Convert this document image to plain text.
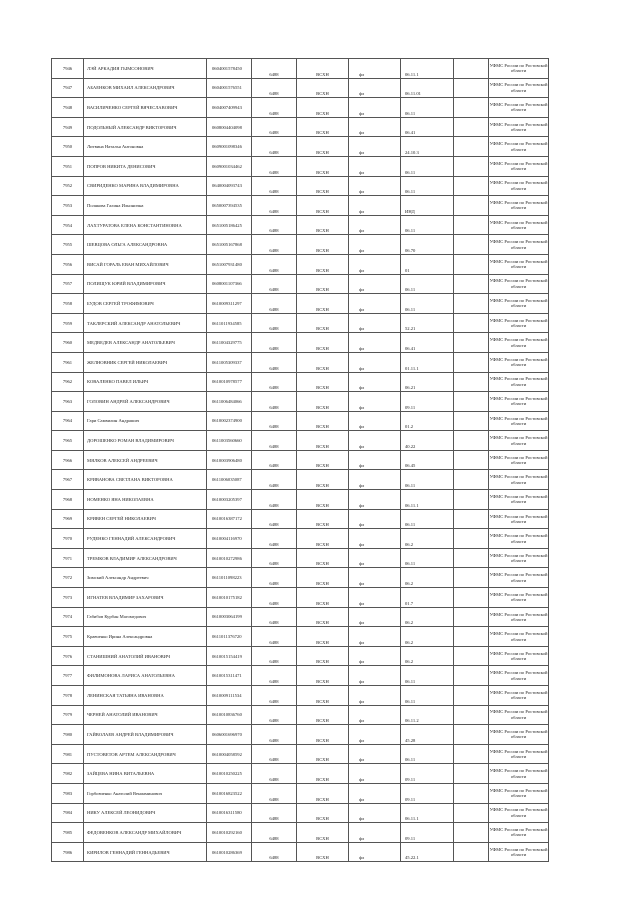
7946	ЛЭЙ АРКАДИЯ ГЫМСОНОВИЧ	0604001578450	6488	ВСХН	фл	06.11.1		УФМС России по Ростовской области
7947	АБАЕНКОВ МИХАИЛ АЛЕКСАНДРОВИЧ	0604001576551	6488	ВСХН	фл	06.11.01		УФМС России по Ростовской области
7948	ВАСИЛИЧЕНКО СЕРГЕЙ ВЯЧЕСЛАВОВИЧ	0604007409943	6488	ВСХН	фл	06.11		УФМС России по Ростовской области
7949	ПОДОЛЬНЫЙ АЛЕКСАНДР ВИКТОРОВИЧ	0608004404098	6488	ВСХН	фл	06.41		УФМС России по Ростовской области
7950	Литвина Наталья Антоновна	0609001098346	6488	ВСХН	фл	24.10.3		УФМС России по Ростовской области
7951	ПОПРОВ НИКИТА ДЕНИСОВИЧ	0609001034462	6488	ВСХН	фл	06.11		УФМС России по Ростовской области
7952	СВИРИДЕНКО МАРИНА ВЛАДИМИРОВНА	0640004093743	6488	ВСХН	фл	06.11		УФМС России по Ростовской области
7953	Полякова Галина Ильинична	0650007394535	6488	ВСХН	фл	ИНД		УФМС России по Ростовской области
7954	ЛАХТУРАТОВА ЕЛЕНА КОНСТАНТИНОВНА	0651005186425	6488	ВСХН	фл	06.11		УФМС России по Ростовской области
7955	ШЕВЦОВА ОЛЬГА АЛЕКСАНДРОВНА	0651005167868	6488	ВСХН	фл	06.70		УФМС России по Ростовской области
7956	ВИСАЙ ГОРАЛЬ ЕВАН МИХАЙЛОВИЧ	0651007931480	6488	ВСХН	фл	01		УФМС России по Ростовской области
7957	ПОЛИЩУК ЮРИЙ ВЛАДИМИРОВИЧ	0608001107366	6488	ВСХН	фл	06.11		УФМС России по Ростовской области
7958	БУДОВ СЕРГЕЙ ТРОФИМОВИЧ	0610009311297	6488	ВСХН	фл	06.11		УФМС России по Ростовской области
7959	ТАКЛЕРСКИЙ АЛЕКСАНДР АНАТОЛЬЕВИЧ	0611011934585	6488	ВСХН	фл	52.21		УФМС России по Ростовской области
7960	МЕДВЕДЕВ АЛЕКСАНДР АНАТОЛЬЕВИЧ	0611004329775	6488	ВСХН	фл	06.41		УФМС России по Ростовской области
7961	ЖЕЛНОВНИК СЕРГЕЙ НИКОЛАЕВИЧ	0611005309337	6488	ВСХН	фл	01.11.1		УФМС России по Ростовской области
7962	КОВАЛЕНКО ПАВЕЛ ИЛЬИЧ	0610010978577	6488	ВСХН	фл	06.21		УФМС России по Ростовской области
7963	ГОЛОВИН АНДРЕЙ АЛЕКСАНДРОВИЧ	0611006484066	6488	ВСХН	фл	09.11		УФМС России по Ростовской области
7964	Гари Самвилин Андрашич	0610002374900	6488	ВСХН	фл	01.2		УФМС России по Ростовской области
7965	ДОРОШЕНКО РОМАН ВЛАДИМИРОВИЧ	0611003560660	6488	ВСХН	фл	40.22		УФМС России по Ростовской области
7966	МЯЛКОВ АЛЕКСЕЙ АНДРЕЕВИЧ	0610003906480	6488	ВСХН	фл	06.45		УФМС России по Ростовской области
7967	КРИВАНОВА СВЕТЛАНА ВИКТОРОВНА	0611006035087	6488	ВСХН	фл	06.11		УФМС России по Ростовской области
7968	НОМЕНКО ЯНА НИКОЛАЕВНА	0610003205397	6488	ВСХН	фл	06.11.1		УФМС России по Ростовской области
7969	КРИВЕН СЕРГЕЙ НИКОЛАЕВИЧ	0610016387172	6488	ВСХН	фл	06.11		УФМС России по Ростовской области
7970	РУДЕНКО ГЕННАДИЙ АЛЕКСАНДРОВИЧ	0610004116970	6488	ВСХН	фл	06.2		УФМС России по Ростовской области
7971	ТРЕМКОВ ВЛАДИМИР АЛЕКСАНДРОВИЧ	0610010272986	6488	ВСХН	фл	06.11		УФМС России по Ростовской области
7972	Зимский Александр Андреевич	0611011098223	6488	ВСХН	фл	06.2		УФМС России по Ростовской области
7973	ИГНАТЕВ ВЛАДИМИР ЗАХАРОВИЧ	0610010175182	6488	ВСХН	фл	01.7		УФМС России по Ростовской области
7974	Габибов Курбан Магомедович	0610003064199	6488	ВСХН	фл	06.2		УФМС России по Ростовской области
7975	Кравченко Ирина Александровна	0611011376720	6488	ВСХН	фл	06.2		УФМС России по Ростовской области
7976	СТАНИШНИЙ АНАТОЛИЙ ИВАНОВИЧ	0610015154419	6488	ВСХН	фл	06.2		УФМС России по Ростовской области
7977	ФИЛИМОНОВА ЛАРИСА АНАТОЛЬЕВНА	0610015311471	6488	ВСХН	фл	06.11		УФМС России по Ростовской области
7978	ЛЕНИНСКАЯ ТАТЬЯНА ИВАНОВНА	0610009111534	6488	ВСХН	фл	06.11		УФМС России по Ростовской области
7979	ЧЕРНЕЙ АНАТОЛИЙ ИВАНОВИЧ	0610010836760	6488	ВСХН	фл	06.11.2		УФМС России по Ростовской области
7980	ГАЙВОЛАЕВ АНДРЕЙ ВЛАДИМИРОВИЧ	0606001696970	6488	ВСХН	фл	45.28		УФМС России по Ростовской области
7981	ПУСТОВЕТОВ АРТЕМ АЛЕКСАНДРОВИЧ	0610004058592	6488	ВСХН	фл	06.11		УФМС России по Ростовской области
7982	ЗАЙЦЕВА НИНА ВИТАЛЬЕВНА	0610010250225	6488	ВСХН	фл	09.11		УФМС России по Ростовской области
7983	Горбовченко Анатолий Вениаминович	0610016823522	6488	ВСХН	фл	09.11		УФМС России по Ростовской области
7984	НИКУ АЛЕКСЕЙ ЛЕОНИДОВИЧ	0610016311580	6488	ВСХН	фл	06.11.1		УФМС России по Ростовской области
7985	ФЕДОВЕНКОВ АЛЕКСАНДР МИХАЙЛОВИЧ	0610010292160	6488	ВСХН	фл	09.11		УФМС России по Ростовской области
7986	КИРИЛОВ ГЕННАДИЙ ГЕННАДЬЕВИЧ	0610010286369	6488	ВСХН	фл	45.22.1		УФМС России по Ростовской области
